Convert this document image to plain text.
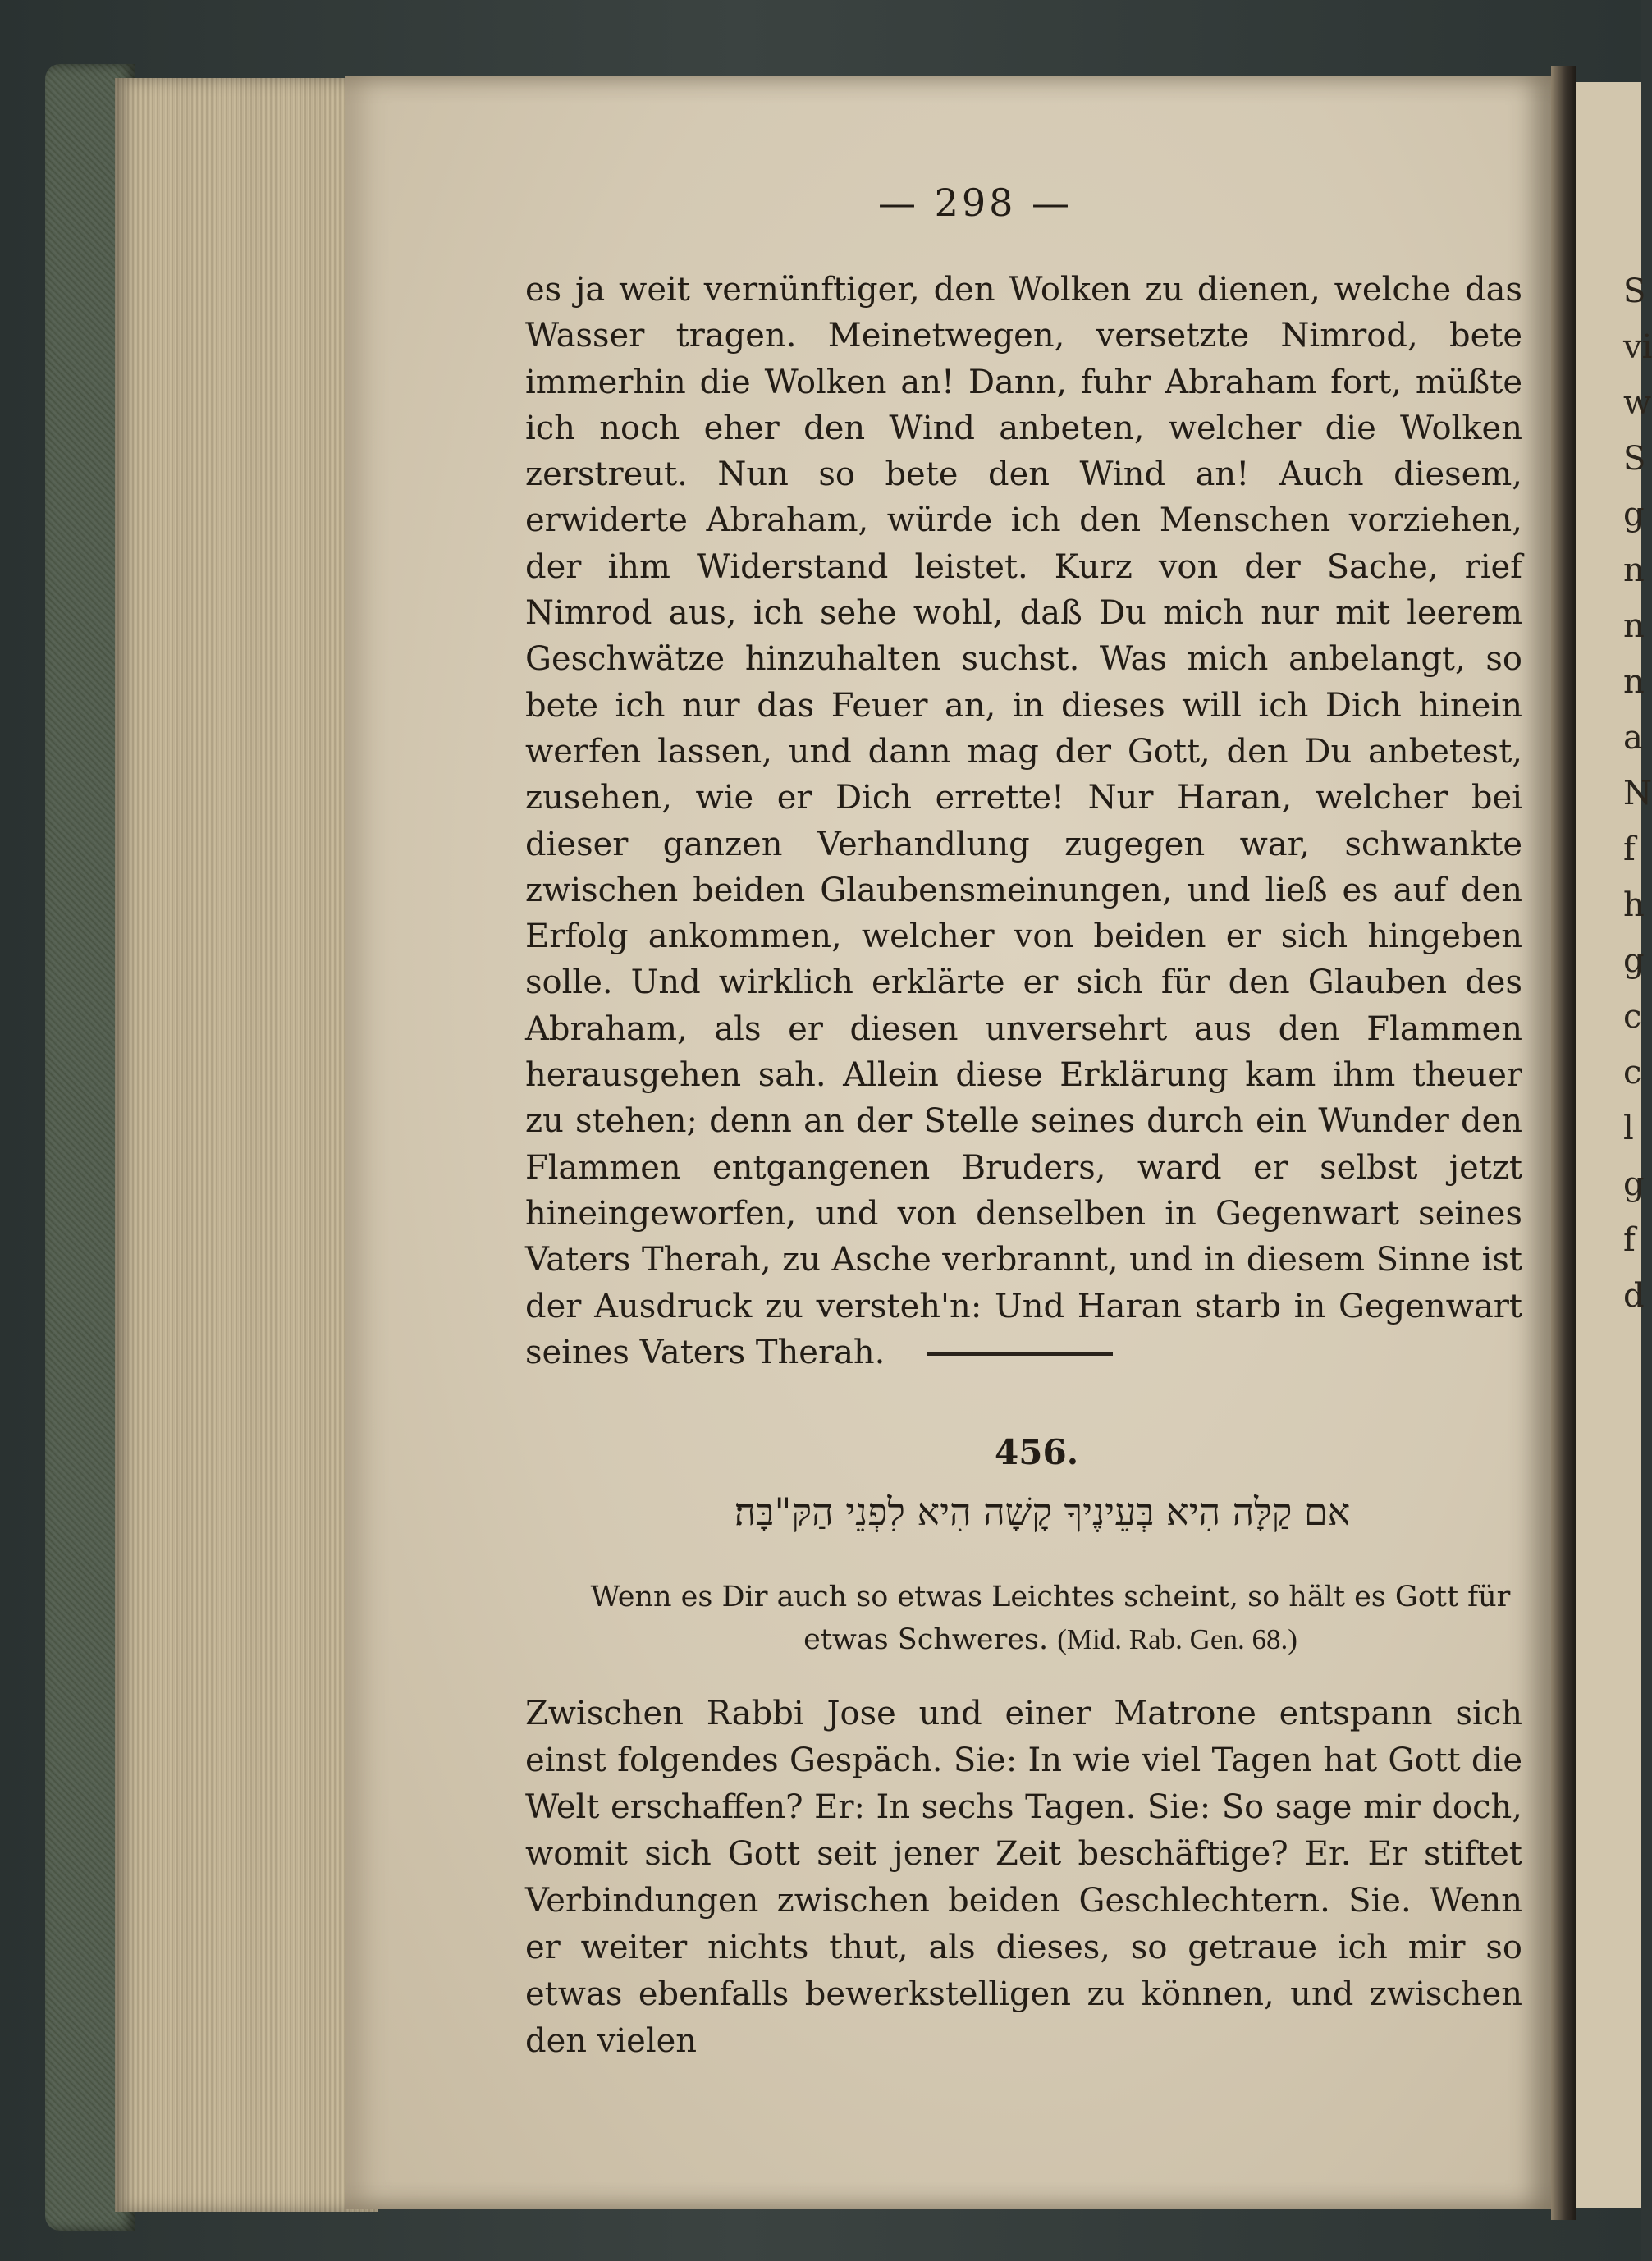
S
vi
w
S
g
n
n
n
a
N
f
h
g
c
c
l
g
f
d
— 298 —
es ja weit vernünftiger, den Wolken zu dienen, welche das Wasser tragen. Meinetwegen, versetzte Nimrod, bete immerhin die Wolken an! Dann, fuhr Abraham fort, müßte ich noch eher den Wind anbeten, welcher die Wolken zerstreut. Nun so bete den Wind an! Auch diesem, erwiderte Abraham, würde ich den Menschen vorziehen, der ihm Widerstand leistet. Kurz von der Sache, rief Nimrod aus, ich sehe wohl, daß Du mich nur mit leerem Geschwätze hinzuhalten suchst. Was mich anbelangt, so bete ich nur das Feuer an, in dieses will ich Dich hinein werfen lassen, und dann mag der Gott, den Du anbetest, zusehen, wie er Dich errette! Nur Haran, welcher bei dieser ganzen Verhandlung zugegen war, schwankte zwischen beiden Glaubensmeinungen, und ließ es auf den Erfolg ankommen, welcher von beiden er sich hingeben solle. Und wirklich erklärte er sich für den Glauben des Abraham, als er diesen unversehrt aus den Flammen herausgehen sah. Allein diese Erklärung kam ihm theuer zu stehen; denn an der Stelle seines durch ein Wunder den Flammen entgangenen Bruders, ward er selbst jetzt hineingeworfen, und von denselben in Gegenwart seines Vaters Therah, zu Asche verbrannt, und in diesem Sinne ist der Ausdruck zu versteh'n: Und Haran starb in Gegenwart seines Vaters Therah.
456.
אם קַלָּה הִיא בְּעֵינֶיךָ קָשָׁה הִיא לִפְנֵי הַקּ"בָּה׃
Wenn es Dir auch so etwas Leichtes scheint, so hält es Gott für etwas Schweres. (Mid. Rab. Gen. 68.)
Zwischen Rabbi Jose und einer Matrone entspann sich einst folgendes Gespäch. Sie: In wie viel Tagen hat Gott die Welt erschaffen? Er: In sechs Tagen. Sie: So sage mir doch, womit sich Gott seit jener Zeit beschäftige? Er. Er stiftet Verbindungen zwischen beiden Geschlechtern. Sie. Wenn er weiter nichts thut, als dieses, so getraue ich mir so etwas ebenfalls bewerkstelligen zu können, und zwischen den vielen
